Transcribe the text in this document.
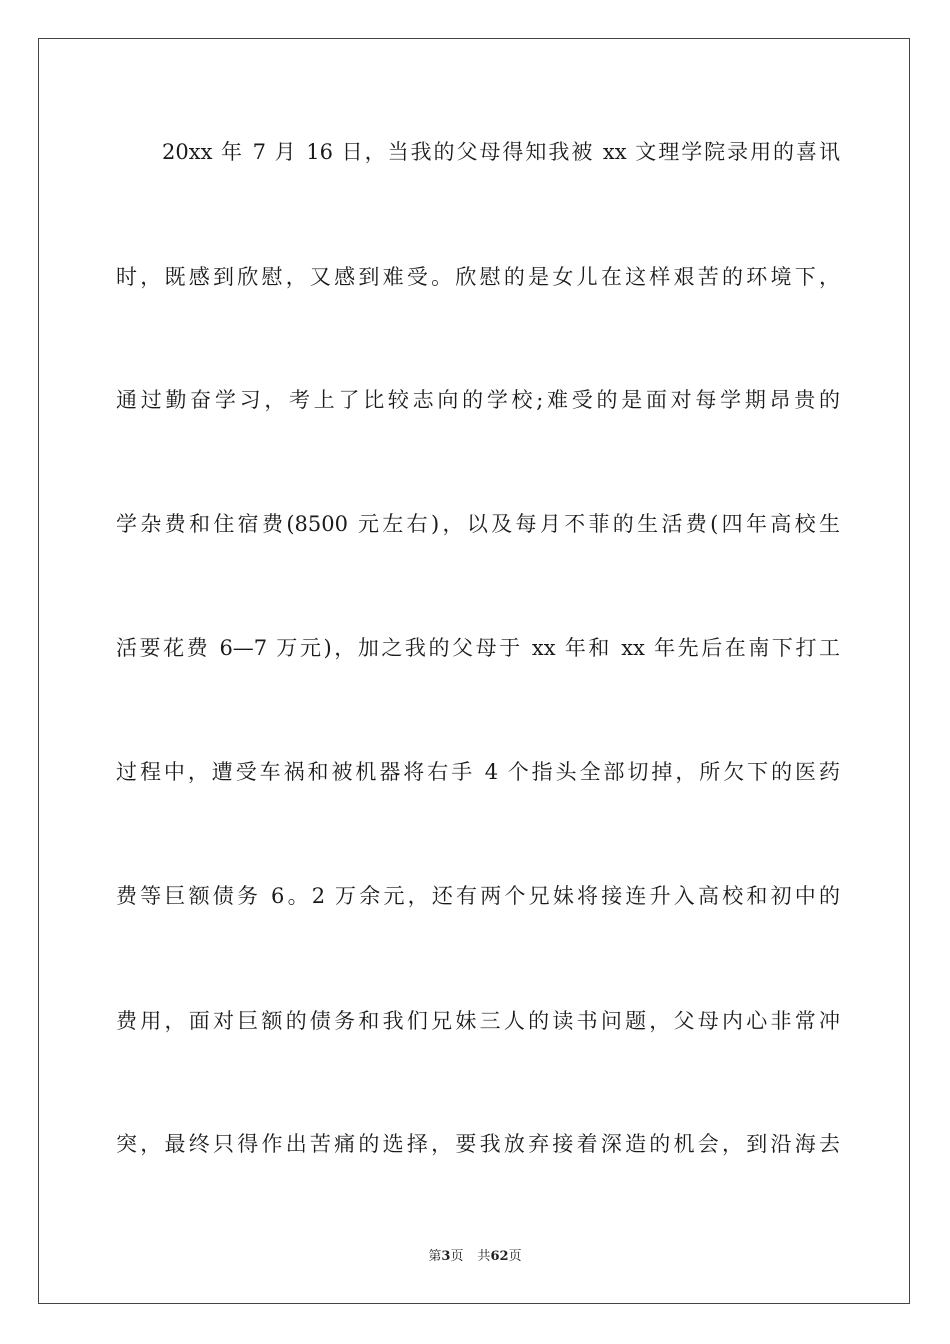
20xx 年 7 月 16 日，当我的父母得知我被 xx 文理学院录用的喜讯
时，既感到欣慰，又感到难受。欣慰的是女儿在这样艰苦的环境下，
通过勤奋学习，考上了比较志向的学校;难受的是面对每学期昂贵的
学杂费和住宿费(8500 元左右)，以及每月不菲的生活费(四年高校生
活要花费 6—7 万元)，加之我的父母于 xx 年和 xx 年先后在南下打工
过程中，遭受车祸和被机器将右手 4 个指头全部切掉，所欠下的医药
费等巨额债务 6。2 万余元，还有两个兄妹将接连升入高校和初中的
费用，面对巨额的债务和我们兄妹三人的读书问题，父母内心非常冲
突，最终只得作出苦痛的选择，要我放弃接着深造的机会，到沿海去
第3页 共62页
